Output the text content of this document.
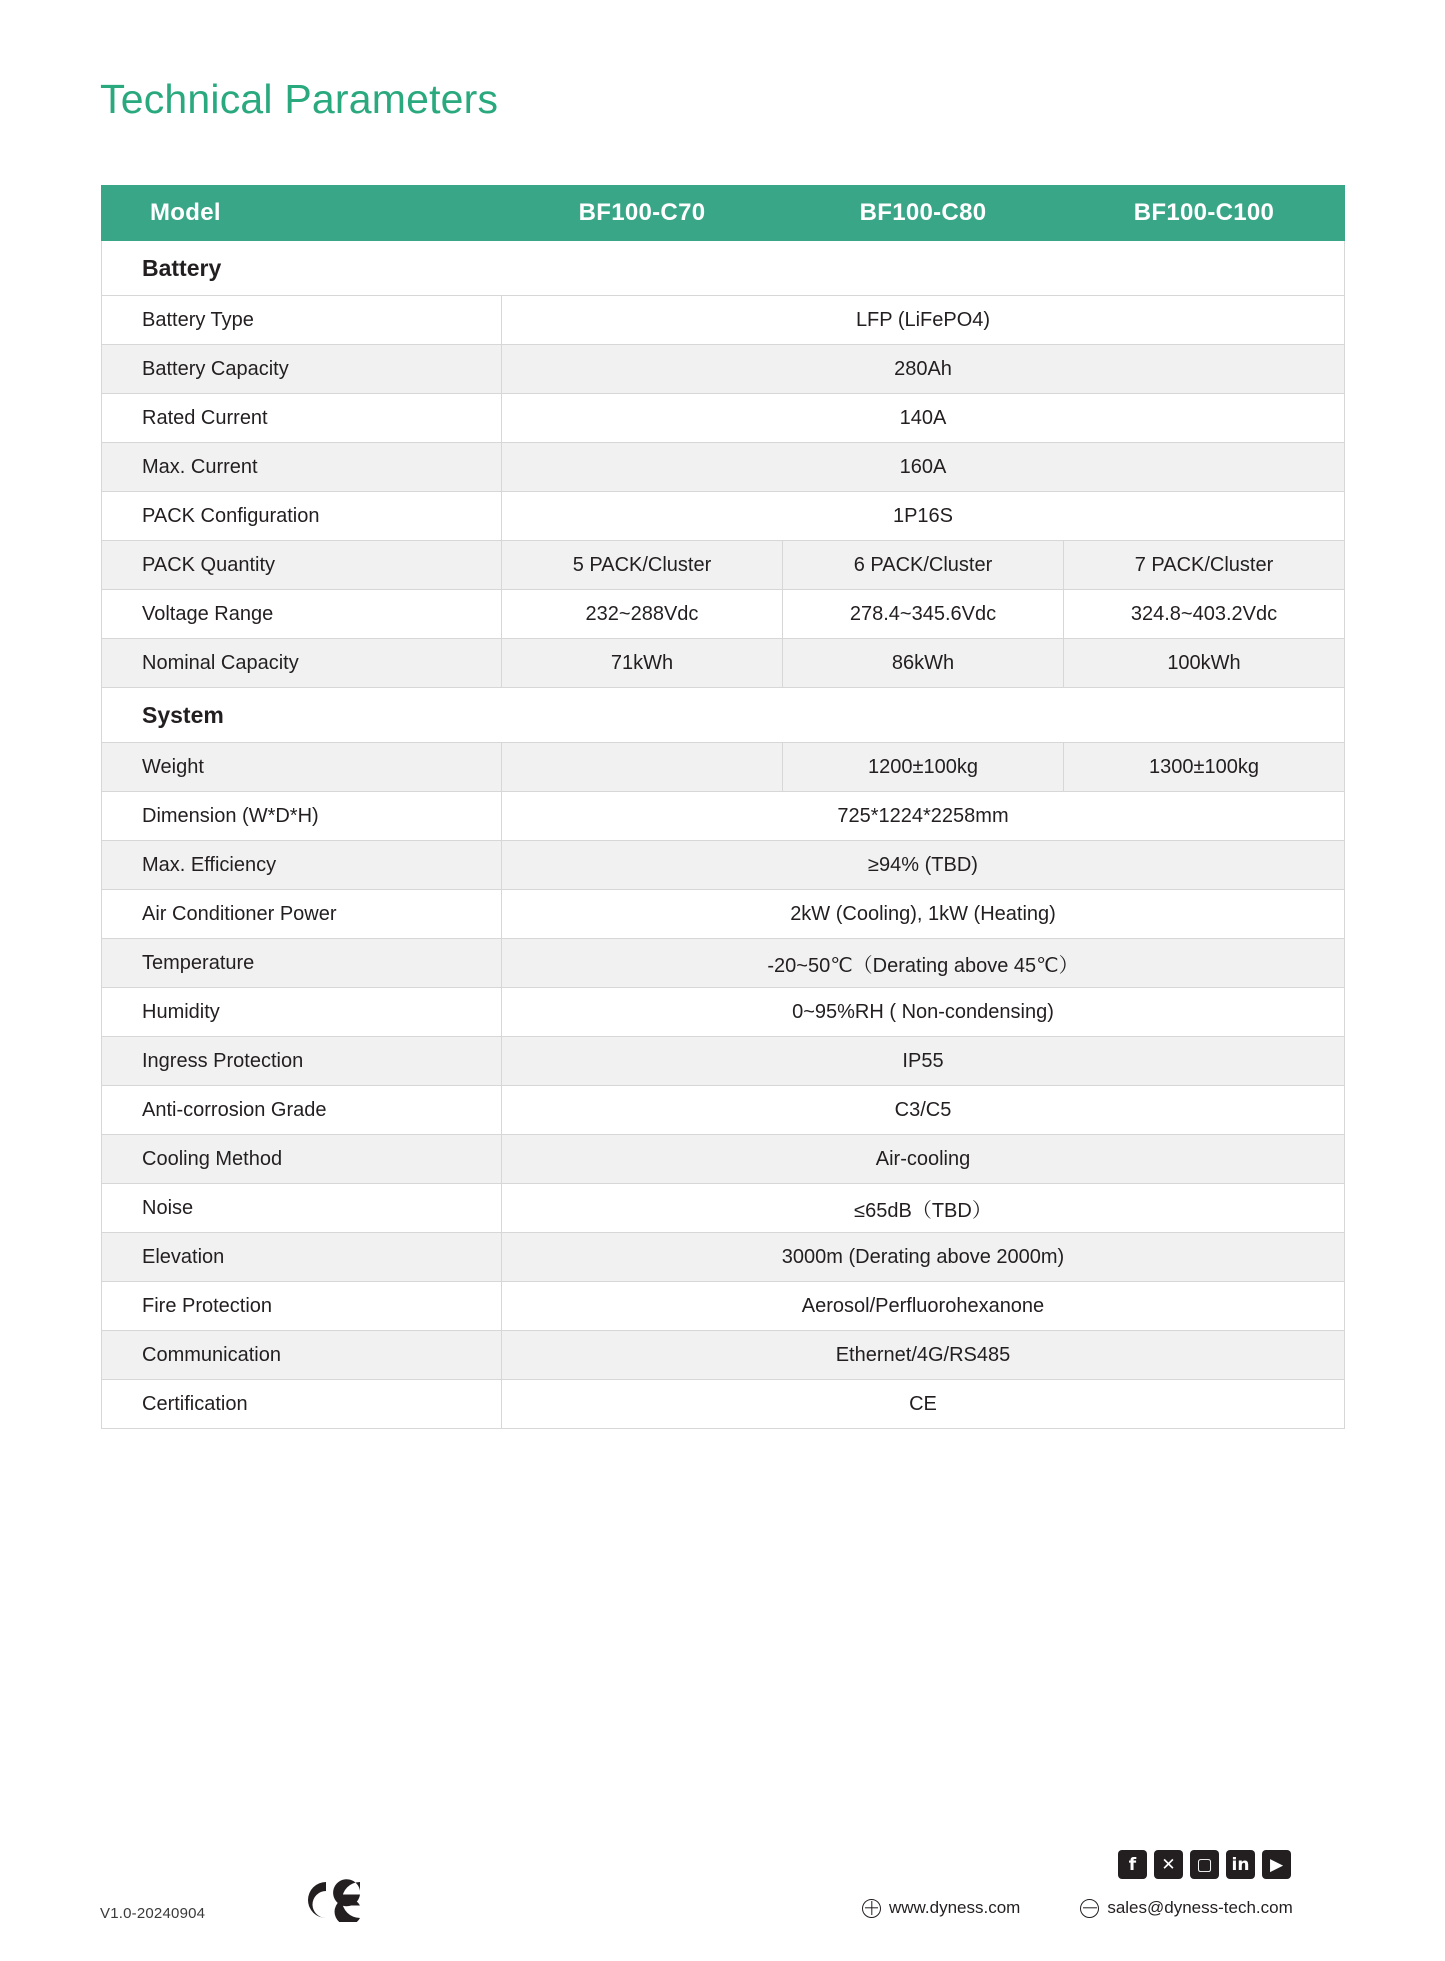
Technical Parameters
Model	BF100-C70	BF100-C80	BF100-C100
Battery			
Battery Type	LFP (LiFePO4)		
Battery Capacity	280Ah		
Rated Current	140A		
Max. Current	160A		
PACK Configuration	1P16S		
PACK Quantity	5 PACK/Cluster	6 PACK/Cluster	7 PACK/Cluster
Voltage Range	232~288Vdc	278.4~345.6Vdc	324.8~403.2Vdc
Nominal Capacity	71kWh	86kWh	100kWh
System			
Weight		1200±100kg	1300±100kg
Dimension (W*D*H)	725*1224*2258mm		
Max. Efficiency	≥94% (TBD)		
Air Conditioner Power	2kW (Cooling), 1kW (Heating)		
Temperature	-20~50℃（Derating above 45℃）		
Humidity	0~95%RH ( Non-condensing)		
Ingress Protection	IP55		
Anti-corrosion Grade	C3/C5		
Cooling Method	Air-cooling		
Noise	≤65dB（TBD）		
Elevation	3000m (Derating above 2000m)		
Fire Protection	Aerosol/Perfluorohexanone		
Communication	Ethernet/4G/RS485		
Certification	CE		
V1.0-20240904
f	✕	▢	in	▶
www.dyness.com	sales@dyness-tech.com
